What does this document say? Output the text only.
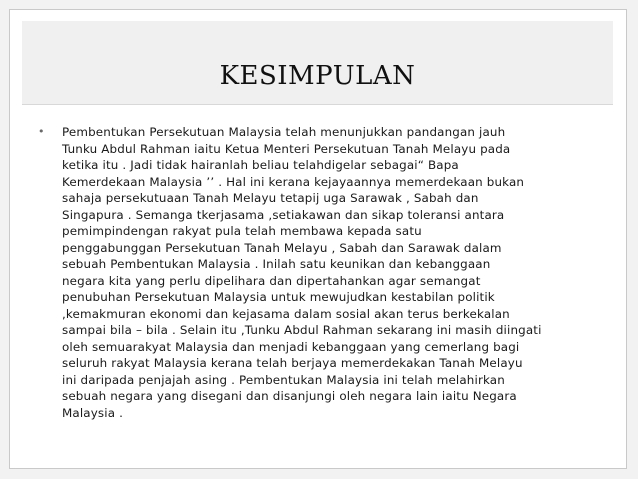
KESIMPULAN
• Pembentukan Persekutuan Malaysia telah menunjukkan pandangan jauh
Tunku Abdul Rahman iaitu Ketua Menteri Persekutuan Tanah Melayu pada
ketika itu . Jadi tidak hairanlah beliau telahdigelar sebagai“ Bapa
Kemerdekaan Malaysia ’’ . Hal ini kerana kejayaannya memerdekaan bukan
sahaja persekutuaan Tanah Melayu tetapij uga Sarawak , Sabah dan
Singapura . Semanga tkerjasama ,setiakawan dan sikap toleransi antara
pemimpindengan rakyat pula telah membawa kepada satu
penggabunggan Persekutuan Tanah Melayu , Sabah dan Sarawak dalam
sebuah Pembentukan Malaysia . Inilah satu keunikan dan kebanggaan
negara kita yang perlu dipelihara dan dipertahankan agar semangat
penubuhan Persekutuan Malaysia untuk mewujudkan kestabilan politik
,kemakmuran ekonomi dan kejasama dalam sosial akan terus berkekalan
sampai bila – bila . Selain itu ,Tunku Abdul Rahman sekarang ini masih diingati
oleh semuarakyat Malaysia dan menjadi kebanggaan yang cemerlang bagi
seluruh rakyat Malaysia kerana telah berjaya memerdekakan Tanah Melayu
ini daripada penjajah asing . Pembentukan Malaysia ini telah melahirkan
sebuah negara yang disegani dan disanjungi oleh negara lain iaitu Negara
Malaysia .
